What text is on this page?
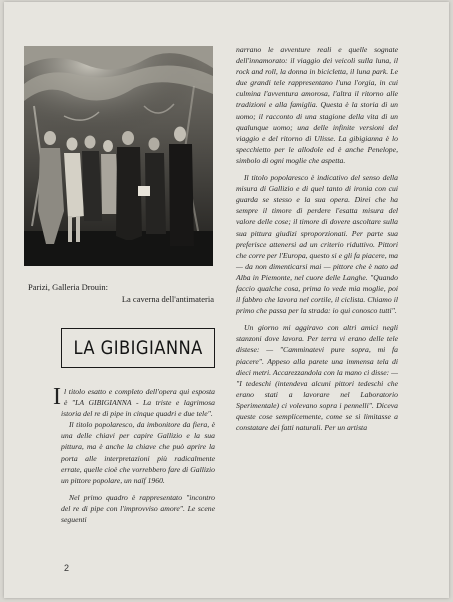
Parizi, Galleria Drouin:
La caverna dell'antimateria
LA GIBIGIANNA

Il titolo esatto e completo dell'opera qui esposta è "LA GIBIGIANNA - La triste e lagrimosa istoria del re di pipe in cinque quadri e due tele".

Il titolo popolaresco, da imbonitore da fiera, è una delle chiavi per capire Galliziо e la sua pittura, ma è anche la chiave che può aprire la porta alle interpretazioni più radicalmente errate, quelle cioè che vorrebbero fare di Gallizio un pittore popolare, un naïf 1960.

Nel primo quadro è rappresentato "incontro del re di pipe con l'improvviso amore". Le scene seguenti

narrano le avventure reali e quelle sognate dell'innamorato: il viaggio dei veicoli sulla luna, il rock and roll, la donna in bicicletta, il luna park. Le due grandi tele rappresentano l'una l'orgia, in cui culmina l'avventura amorosa, l'altra il ritorno alle tradizioni e alla famiglia. Questa è la storia di un uomo; il racconto di una stagione della vita di un qualunque uomo; una delle infinite versioni del viaggio e del ritorno di Ulisse. La gibigianna è lo specchietto per le allodole ed è anche Penelope, simbolo di ogni moglie che aspetta.

Il titolo popolaresco è indicativo del senso della misura di Gallizio e di quel tanto di ironia con cui guarda se stesso e la sua opera. Direi che ha sempre il timore di perdere l'esatta misura del valore delle cose; il timore di dovere ascoltare sulla sua pittura giudizi sproporzionati. Per parte sua preferisce attenersi ad un criterio riduttivo. Pittori che corre per l'Europa, questo si e gli fa piacere, ma — da non dimenticarsi mai — pittore che è nato ad Alba in Piemonte, nel cuore delle Langhe. "Quando faccio qualche cosa, prima lo vede mia moglie, poi il fabbro che lavora nel cortile, il ciclista. Chiamo il primo che passa per la strada: io qui conosco tutti".

Un giorno mi aggiravo con altri amici negli stanzoni dove lavora. Per terra vi erano delle tele distese: — "Camminatevi pure sopra, mi fa piacere". Appeso alla parete una immensa tela di dieci metri. Accarezzandola con la mano ci disse: — "I tedeschi (intendeva alcuni pittori tedeschi che erano stati a lavorare nel Laboratorio Sperimentale) ci volevano sopra i pennelli". Diceva queste cose semplicemente, come se si limitasse a constatare dei fatti naturali. Per un artista

2
